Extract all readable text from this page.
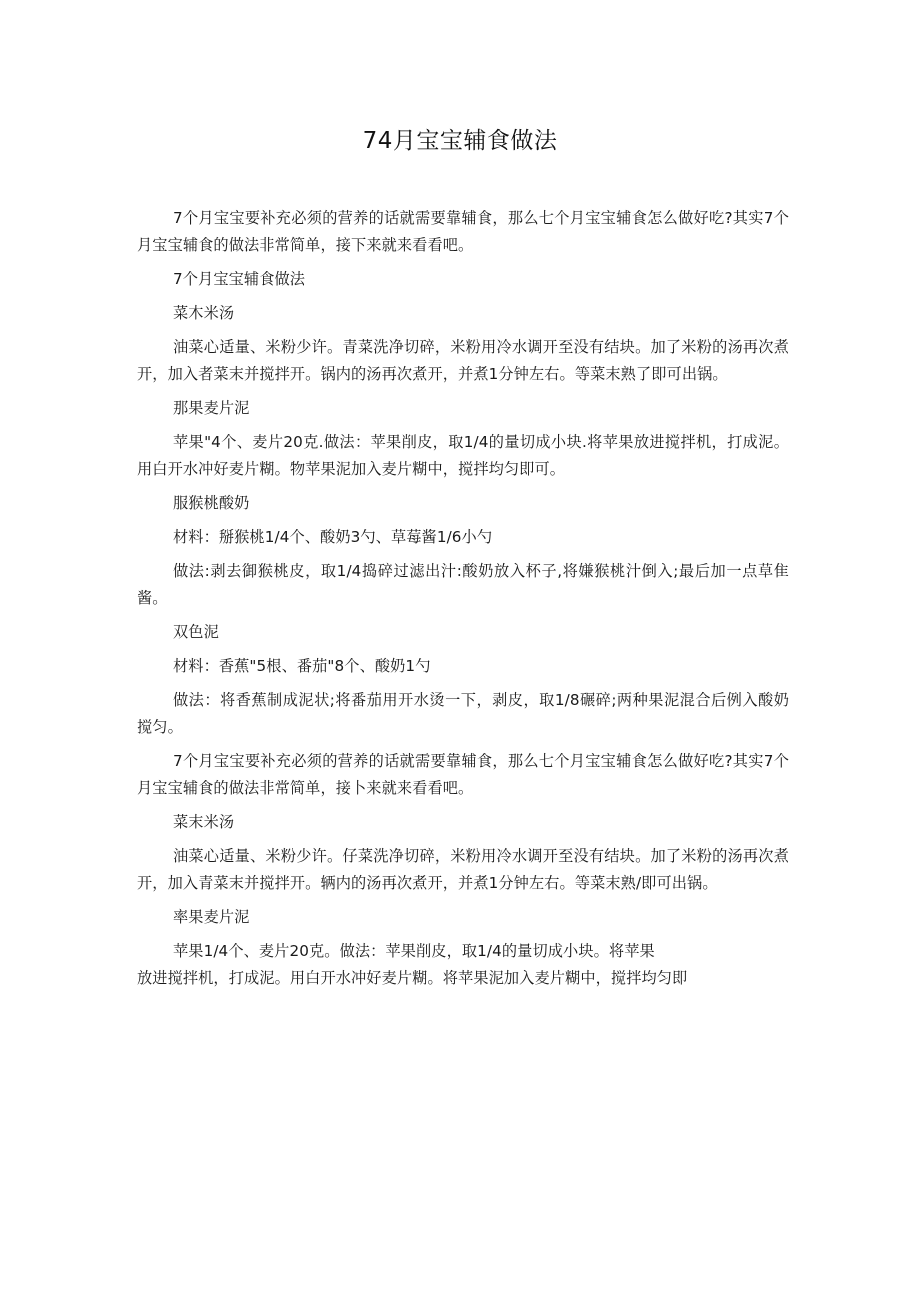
74月宝宝辅食做法

7个月宝宝要补充必须的营养的话就需要靠辅食，那么七个月宝宝辅食怎么做好吃?其实7个月宝宝辅食的做法非常简单，接下来就来看看吧。

7个月宝宝辅食做法

菜木米汤

油菜心适量、米粉少许。青菜洗净切碎，米粉用冷水调开至没有结块。加了米粉的汤再次煮开，加入者菜末并搅拌开。锅内的汤再次煮开，并煮1分钟左右。等菜末熟了即可出锅。

那果麦片泥

苹果"4个、麦片20克.做法：苹果削皮，取1/4的量切成小块.将苹果放进搅拌机，打成泥。用白开水冲好麦片糊。物苹果泥加入麦片糊中，搅拌均匀即可。

服猴桃酸奶

材料：掰猴桃1/4个、酸奶3勺、草莓酱1/6小勺

做法:剥去御猴桃皮，取1/4捣碎过滤出汁:酸奶放入杯子,将嫌猴桃汁倒入;最后加一点草隹酱。

双色泥

材料：香蕉"5根、番茄"8个、酸奶1勺

做法：将香蕉制成泥状;将番茄用开水烫一下，剥皮，取1/8碾碎;两种果泥混合后例入酸奶搅匀。

7个月宝宝要补充必须的营养的话就需要靠辅食，那么七个月宝宝辅食怎么做好吃?其实7个月宝宝辅食的做法非常简单，接卜来就来看看吧。

菜末米汤

油菜心适量、米粉少许。仔菜洗净切碎，米粉用冷水调开至没有结块。加了米粉的汤再次煮开，加入青菜末并搅拌开。辆内的汤再次煮开，并煮1分钟左右。等菜末熟/即可出锅。

率果麦片泥

苹果1/4个、麦片20克。做法：苹果削皮，取1/4的量切成小块。将苹果

放进搅拌机，打成泥。用白开水冲好麦片糊。将苹果泥加入麦片糊中，搅拌均匀即
